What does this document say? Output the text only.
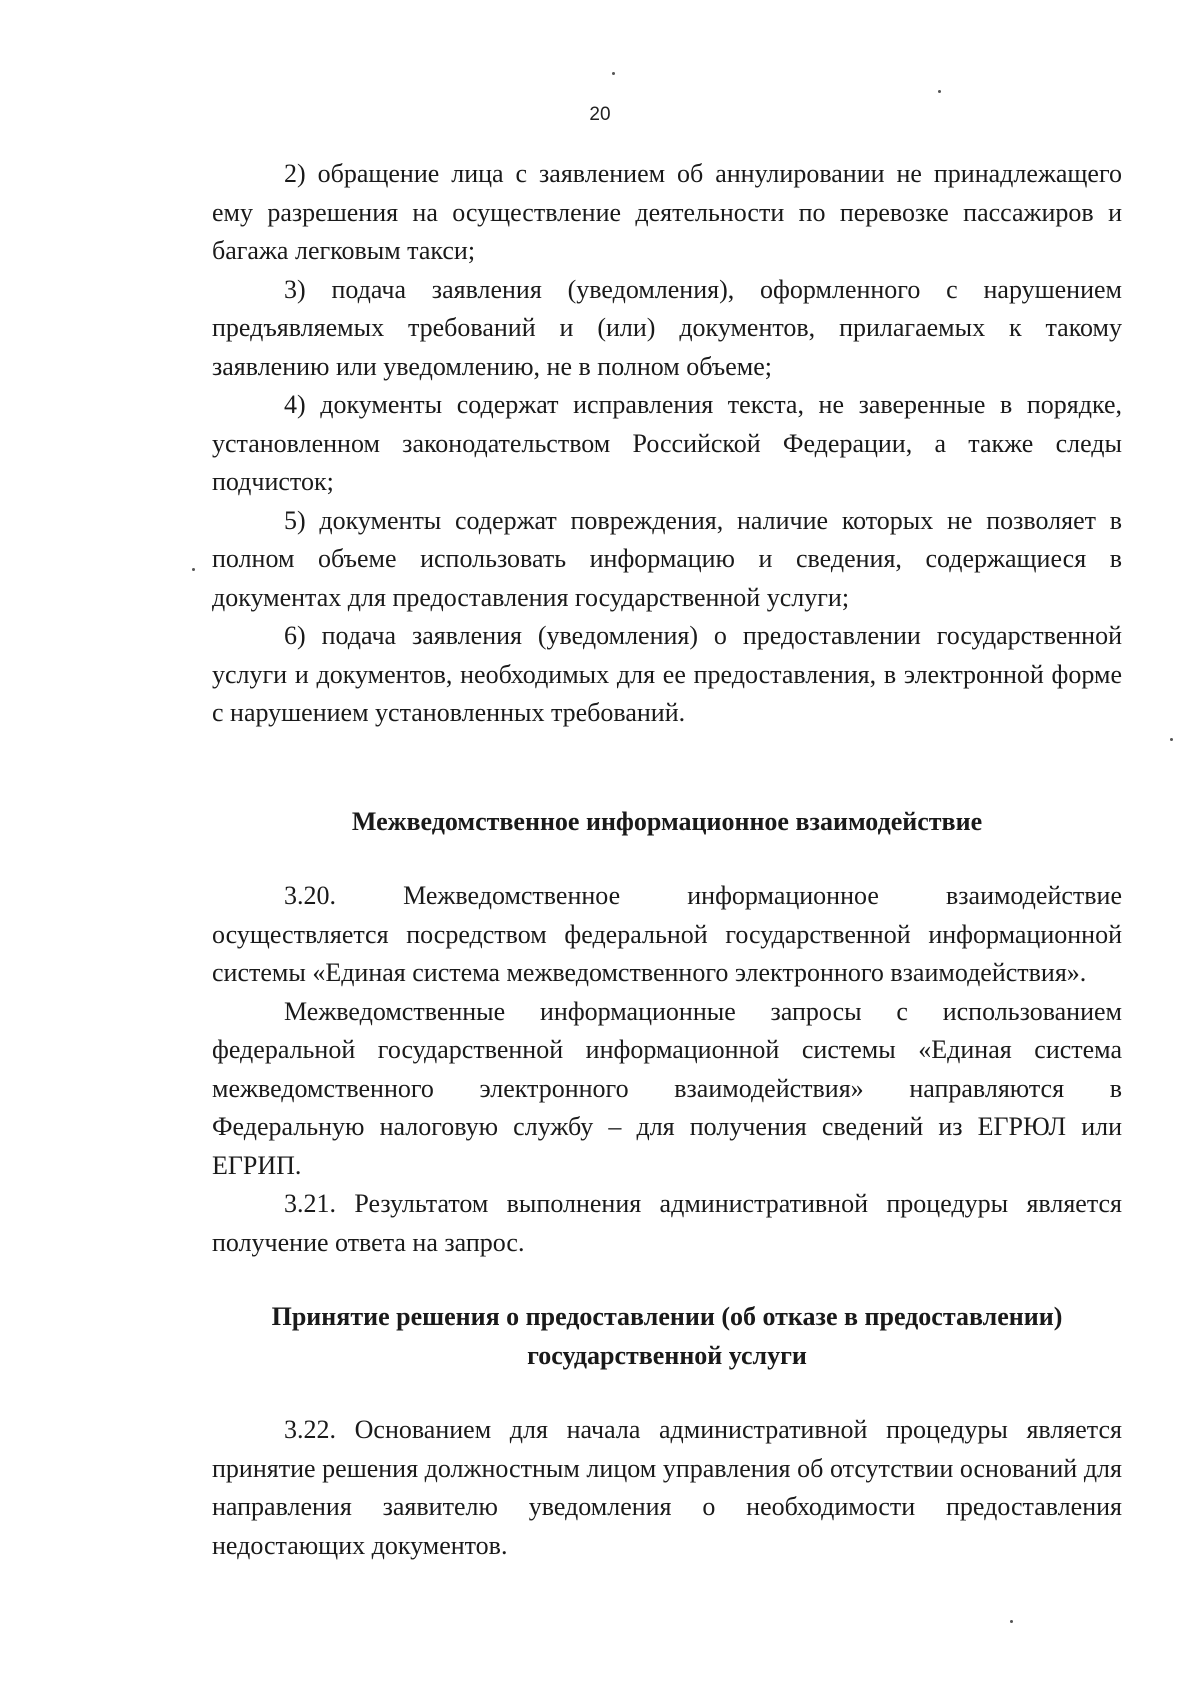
20

2) обращение лица с заявлением об аннулировании не принадлежащего ему разрешения на осуществление деятельности по перевозке пассажиров и багажа легковым такси;

3) подача заявления (уведомления), оформленного с нарушением предъявляемых требований и (или) документов, прилагаемых к такому заявлению или уведомлению, не в полном объеме;

4) документы содержат исправления текста, не заверенные в порядке, установленном законодательством Российской Федерации, а также следы подчисток;

5) документы содержат повреждения, наличие которых не позволяет в полном объеме использовать информацию и сведения, содержащиеся в документах для предоставления государственной услуги;

6) подача заявления (уведомления) о предоставлении государственной услуги и документов, необходимых для ее предоставления, в электронной форме с нарушением установленных требований.

Межведомственное информационное взаимодействие

3.20. Межведомственное информационное взаимодействие осуществляется посредством федеральной государственной информационной системы «Единая система межведомственного электронного взаимодействия».

Межведомственные информационные запросы с использованием федеральной государственной информационной системы «Единая система межведомственного электронного взаимодействия» направляются в Федеральную налоговую службу – для получения сведений из ЕГРЮЛ или ЕГРИП.

3.21. Результатом выполнения административной процедуры является получение ответа на запрос.

Принятие решения о предоставлении (об отказе в предоставлении)
государственной услуги

3.22. Основанием для начала административной процедуры является принятие решения должностным лицом управления об отсутствии оснований для направления заявителю уведомления о необходимости предоставления недостающих документов.
